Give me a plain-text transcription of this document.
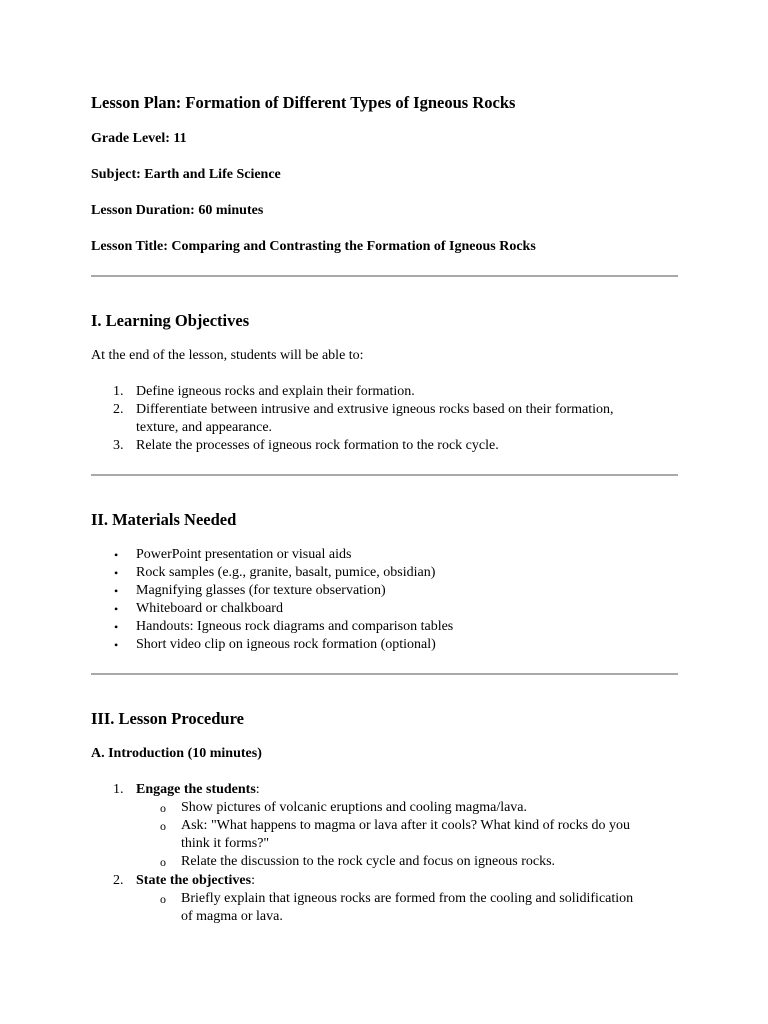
Lesson Plan: Formation of Different Types of Igneous Rocks
Grade Level: 11
Subject: Earth and Life Science
Lesson Duration: 60 minutes
Lesson Title: Comparing and Contrasting the Formation of Igneous Rocks
I. Learning Objectives
At the end of the lesson, students will be able to:
1. Define igneous rocks and explain their formation.
2. Differentiate between intrusive and extrusive igneous rocks based on their formation,
texture, and appearance.
3. Relate the processes of igneous rock formation to the rock cycle.
II. Materials Needed
• PowerPoint presentation or visual aids
• Rock samples (e.g., granite, basalt, pumice, obsidian)
• Magnifying glasses (for texture observation)
• Whiteboard or chalkboard
• Handouts: Igneous rock diagrams and comparison tables
• Short video clip on igneous rock formation (optional)
III. Lesson Procedure
A. Introduction (10 minutes)
1. Engage the students:
o Show pictures of volcanic eruptions and cooling magma/lava.
o Ask: "What happens to magma or lava after it cools? What kind of rocks do you
think it forms?"
o Relate the discussion to the rock cycle and focus on igneous rocks.
2. State the objectives:
o Briefly explain that igneous rocks are formed from the cooling and solidification
of magma or lava.
